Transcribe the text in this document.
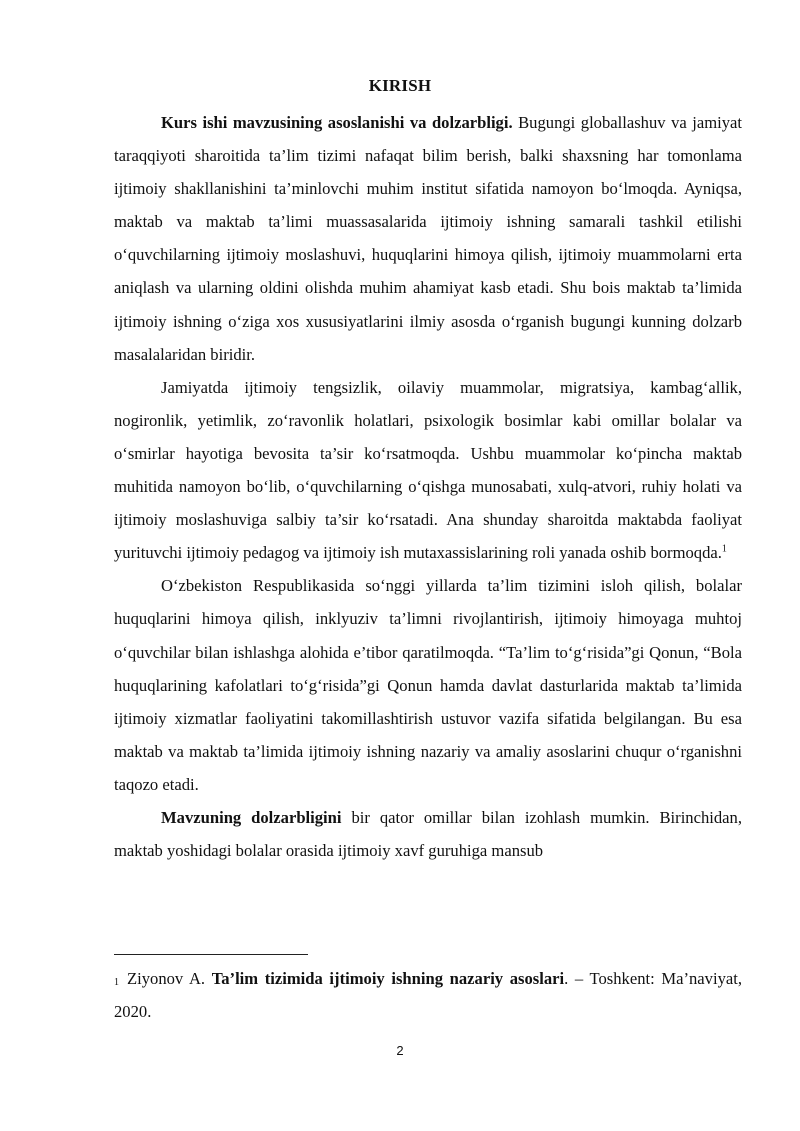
KIRISH

Kurs ishi mavzusining asoslanishi va dolzarbligi. Bugungi globallashuv va jamiyat taraqqiyoti sharoitida ta’lim tizimi nafaqat bilim berish, balki shaxsning har tomonlama ijtimoiy shakllanishini ta’minlovchi muhim institut sifatida namoyon bo‘lmoqda. Ayniqsa, maktab va maktab ta’limi muassasalarida ijtimoiy ishning samarali tashkil etilishi o‘quvchilarning ijtimoiy moslashuvi, huquqlarini himoya qilish, ijtimoiy muammolarni erta aniqlash va ularning oldini olishda muhim ahamiyat kasb etadi. Shu bois maktab ta’limida ijtimoiy ishning o‘ziga xos xususiyatlarini ilmiy asosda o‘rganish bugungi kunning dolzarb masalalaridan biridir.

Jamiyatda ijtimoiy tengsizlik, oilaviy muammolar, migratsiya, kambag‘allik, nogironlik, yetimlik, zo‘ravonlik holatlari, psixologik bosimlar kabi omillar bolalar va o‘smirlar hayotiga bevosita ta’sir ko‘rsatmoqda. Ushbu muammolar ko‘pincha maktab muhitida namoyon bo‘lib, o‘quvchilarning o‘qishga munosabati, xulq-atvori, ruhiy holati va ijtimoiy moslashuviga salbiy ta’sir ko‘rsatadi. Ana shunday sharoitda maktabda faoliyat yurituvchi ijtimoiy pedagog va ijtimoiy ish mutaxassislarining roli yanada oshib bormoqda.$^1$

O‘zbekiston Respublikasida so‘nggi yillarda ta’lim tizimini isloh qilish, bolalar huquqlarini himoya qilish, inklyuziv ta’limni rivojlantirish, ijtimoiy himoyaga muhtoj o‘quvchilar bilan ishlashga alohida e’tibor qaratilmoqda. “Ta’lim to‘g‘risida”gi Qonun, “Bola huquqlarining kafolatlari to‘g‘risida”gi Qonun hamda davlat dasturlarida maktab ta’limida ijtimoiy xizmatlar faoliyatini takomillashtirish ustuvor vazifa sifatida belgilangan. Bu esa maktab va maktab ta’limida ijtimoiy ishning nazariy va amaliy asoslarini chuqur o‘rganishni taqozo etadi.

Mavzuning dolzarbligini bir qator omillar bilan izohlash mumkin. Birinchidan, maktab yoshidagi bolalar orasida ijtimoiy xavf guruhiga mansub

$^1$ Ziyonov A. Ta’lim tizimida ijtimoiy ishning nazariy asoslari. – Toshkent: Ma’naviyat, 2020.
2
